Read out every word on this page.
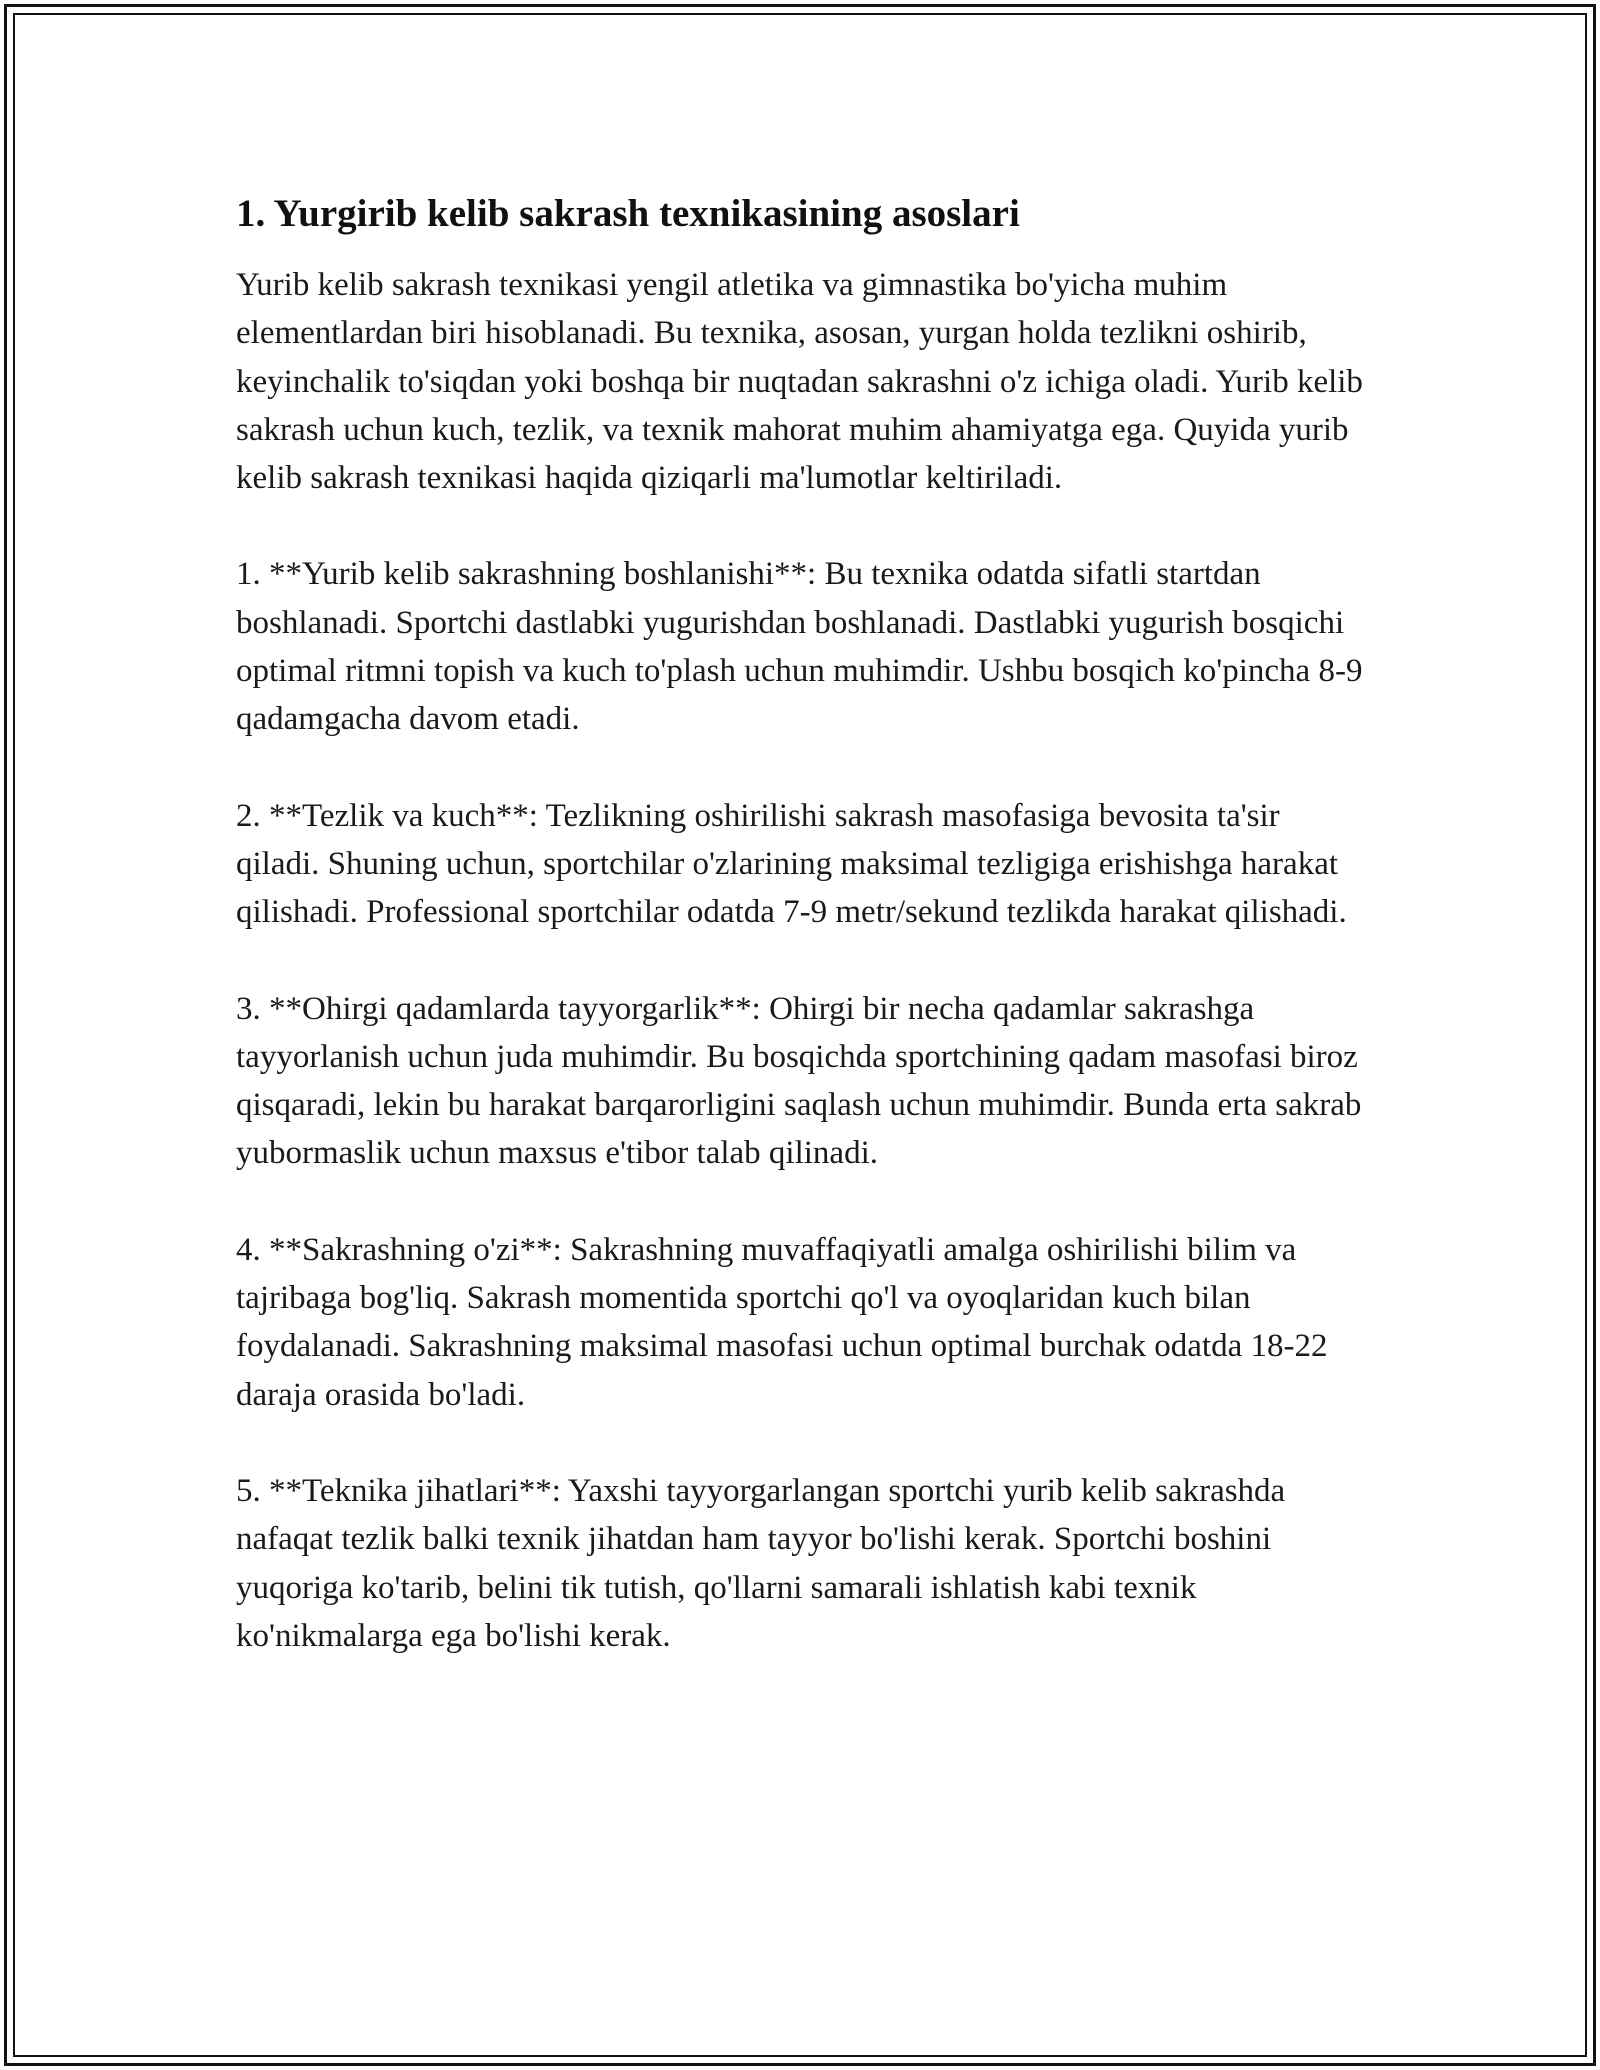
1. Yurgirib kelib sakrash texnikasining asoslari

Yurib kelib sakrash texnikasi yengil atletika va gimnastika bo'yicha muhim elementlardan biri hisoblanadi. Bu texnika, asosan, yurgan holda tezlikni oshirib, keyinchalik to'siqdan yoki boshqa bir nuqtadan sakrashni o'z ichiga oladi. Yurib kelib sakrash uchun kuch, tezlik, va texnik mahorat muhim ahamiyatga ega. Quyida yurib kelib sakrash texnikasi haqida qiziqarli ma'lumotlar keltiriladi.

1. **Yurib kelib sakrashning boshlanishi**: Bu texnika odatda sifatli startdan boshlanadi. Sportchi dastlabki yugurishdan boshlanadi. Dastlabki yugurish bosqichi optimal ritmni topish va kuch to'plash uchun muhimdir. Ushbu bosqich ko'pincha 8-9 qadamgacha davom etadi.

2. **Tezlik va kuch**: Tezlikning oshirilishi sakrash masofasiga bevosita ta'sir qiladi. Shuning uchun, sportchilar o'zlarining maksimal tezligiga erishishga harakat qilishadi. Professional sportchilar odatda 7-9 metr/sekund tezlikda harakat qilishadi.

3. **Ohirgi qadamlarda tayyorgarlik**: Ohirgi bir necha qadamlar sakrashga tayyorlanish uchun juda muhimdir. Bu bosqichda sportchining qadam masofasi biroz qisqaradi, lekin bu harakat barqarorligini saqlash uchun muhimdir. Bunda erta sakrab yubormaslik uchun maxsus e'tibor talab qilinadi.

4. **Sakrashning o'zi**: Sakrashning muvaffaqiyatli amalga oshirilishi bilim va tajribaga bog'liq. Sakrash momentida sportchi qo'l va oyoqlaridan kuch bilan foydalanadi. Sakrashning maksimal masofasi uchun optimal burchak odatda 18-22 daraja orasida bo'ladi.

5. **Teknika jihatlari**: Yaxshi tayyorgarlangan sportchi yurib kelib sakrashda nafaqat tezlik balki texnik jihatdan ham tayyor bo'lishi kerak. Sportchi boshini yuqoriga ko'tarib, belini tik tutish, qo'llarni samarali ishlatish kabi texnik ko'nikmalarga ega bo'lishi kerak.
